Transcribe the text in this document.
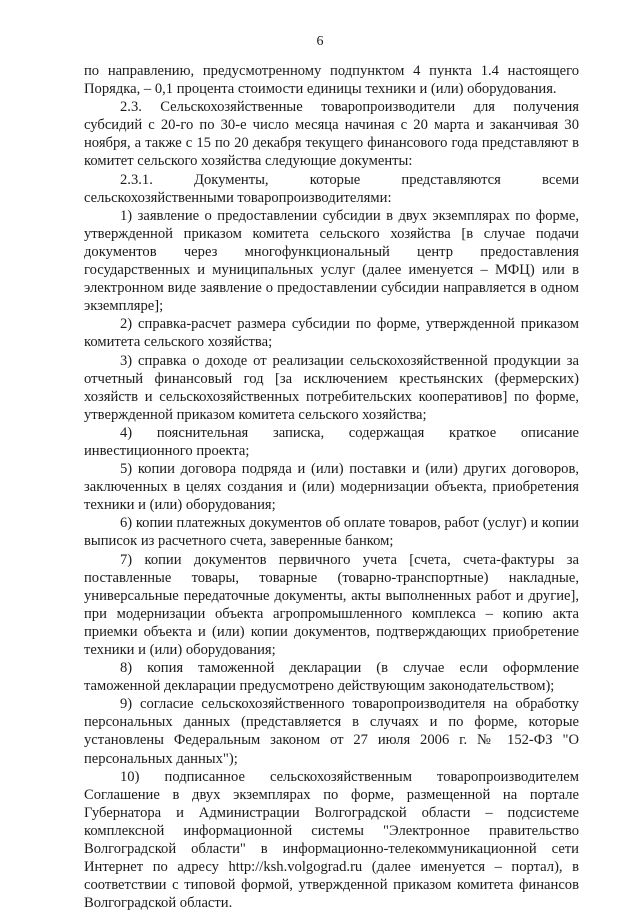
6

по направлению, предусмотренному подпунктом 4 пункта 1.4 настоящего Порядка, – 0,1 процента стоимости единицы техники и (или) оборудования.

2.3. Сельскохозяйственные товаропроизводители для получения субсидий с 20-го по 30-е число месяца начиная с 20 марта и заканчивая 30 ноября, а также с 15 по 20 декабря текущего финансового года представляют в комитет сельского хозяйства следующие документы:

2.3.1. Документы, которые представляются всеми сельскохозяйственными товаропроизводителями:

1) заявление о предоставлении субсидии в двух экземплярах по форме, утвержденной приказом комитета сельского хозяйства [в случае подачи документов через многофункциональный центр предоставления государственных и муниципальных услуг (далее именуется – МФЦ) или в электронном виде заявление о предоставлении субсидии направляется в одном экземпляре];

2) справка-расчет размера субсидии по форме, утвержденной приказом комитета сельского хозяйства;

3) справка о доходе от реализации сельскохозяйственной продукции за отчетный финансовый год [за исключением крестьянских (фермерских) хозяйств и сельскохозяйственных потребительских кооперативов] по форме, утвержденной приказом комитета сельского хозяйства;

4) пояснительная записка, содержащая краткое описание инвестиционного проекта;

5) копии договора подряда и (или) поставки и (или) других договоров, заключенных в целях создания и (или) модернизации объекта, приобретения техники и (или) оборудования;

6) копии платежных документов об оплате товаров, работ (услуг) и копии выписок из расчетного счета, заверенные банком;

7) копии документов первичного учета [счета, счета-фактуры за поставленные товары, товарные (товарно-транспортные) накладные, универсальные передаточные документы, акты выполненных работ и другие], при модернизации объекта агропромышленного комплекса – копию акта приемки объекта и (или) копии документов, подтверждающих приобретение техники и (или) оборудования;

8) копия таможенной декларации (в случае если оформление таможенной декларации предусмотрено действующим законодательством);

9) согласие сельскохозяйственного товаропроизводителя на обработку персональных данных (представляется в случаях и по форме, которые установлены Федеральным законом от 27 июля 2006 г. № 152-ФЗ "О персональных данных");

10) подписанное сельскохозяйственным товаропроизводителем Соглашение в двух экземплярах по форме, размещенной на портале Губернатора и Администрации Волгоградской области – подсистеме комплексной информационной системы "Электронное правительство Волгоградской области" в информационно-телекоммуникационной сети Интернет по адресу http://ksh.volgograd.ru (далее именуется – портал), в соответствии с типовой формой, утвержденной приказом комитета финансов Волгоградской области.
